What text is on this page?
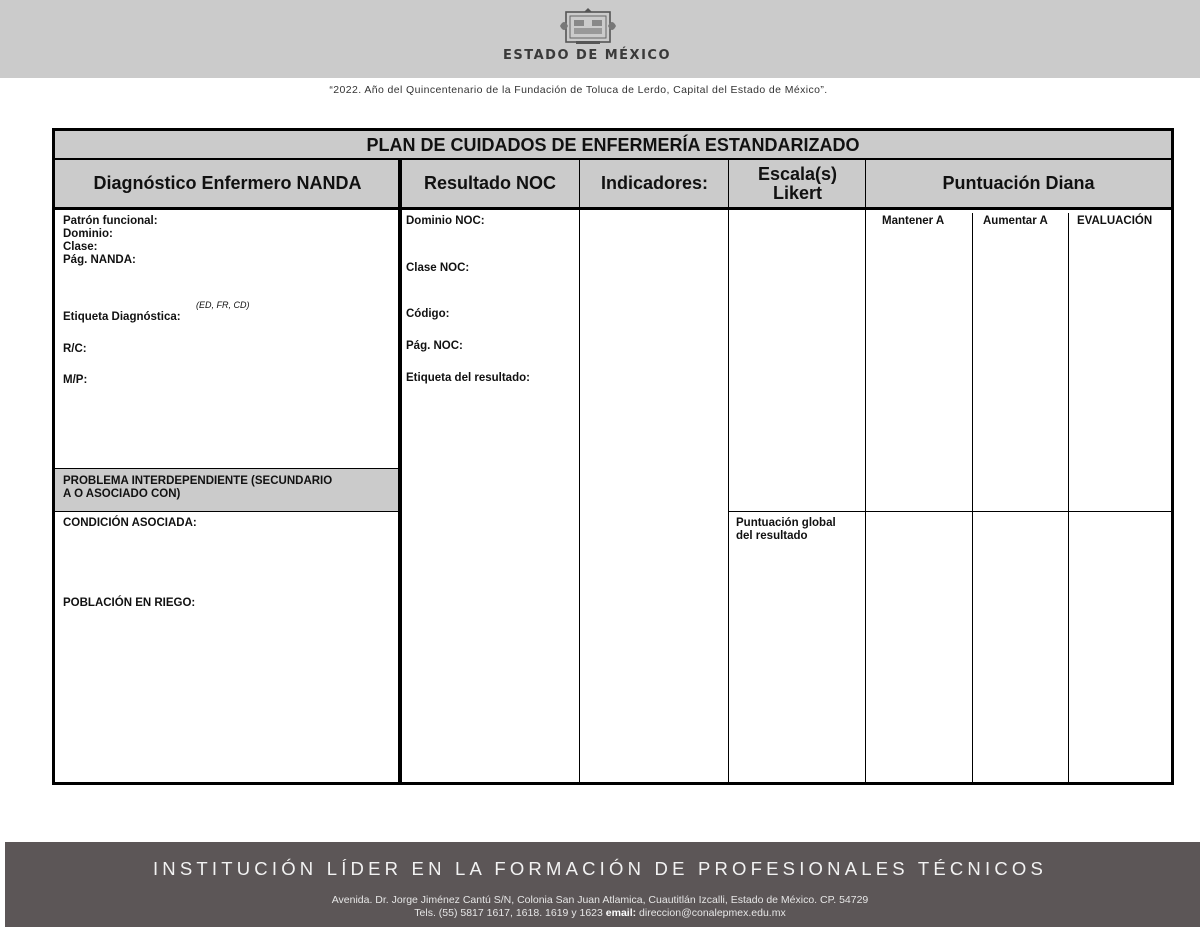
ESTADO DE MÉXICO
“2022. Año del Quincentenario de la Fundación de Toluca de Lerdo, Capital del Estado de México”.
PLAN DE CUIDADOS DE ENFERMERÍA ESTANDARIZADO
Diagnóstico Enfermero NANDA	Resultado NOC	Indicadores:	Escala(s)
Likert	Puntuación Diana
Mantener A	Aumentar A	EVALUACIÓN
Patrón funcional:
Dominio:
Clase:
Pág. NANDA:
(ED, FR, CD)
Etiqueta Diagnóstica:
R/C:
M/P:
PROBLEMA INTERDEPENDIENTE (SECUNDARIO
A O ASOCIADO CON)
CONDICIÓN ASOCIADA:
POBLACIÓN EN RIEGO:
Dominio NOC:
Clase NOC:
Código:
Pág. NOC:
Etiqueta del resultado:
Puntuación global
del resultado
INSTITUCIÓN LÍDER EN LA FORMACIÓN DE PROFESIONALES TÉCNICOS
Avenida. Dr. Jorge Jiménez Cantú S/N, Colonia San Juan Atlamica, Cuautitlán Izcalli, Estado de México. CP. 54729
Tels. (55) 5817 1617, 1618. 1619 y 1623 email: direccion@conalepmex.edu.mx
